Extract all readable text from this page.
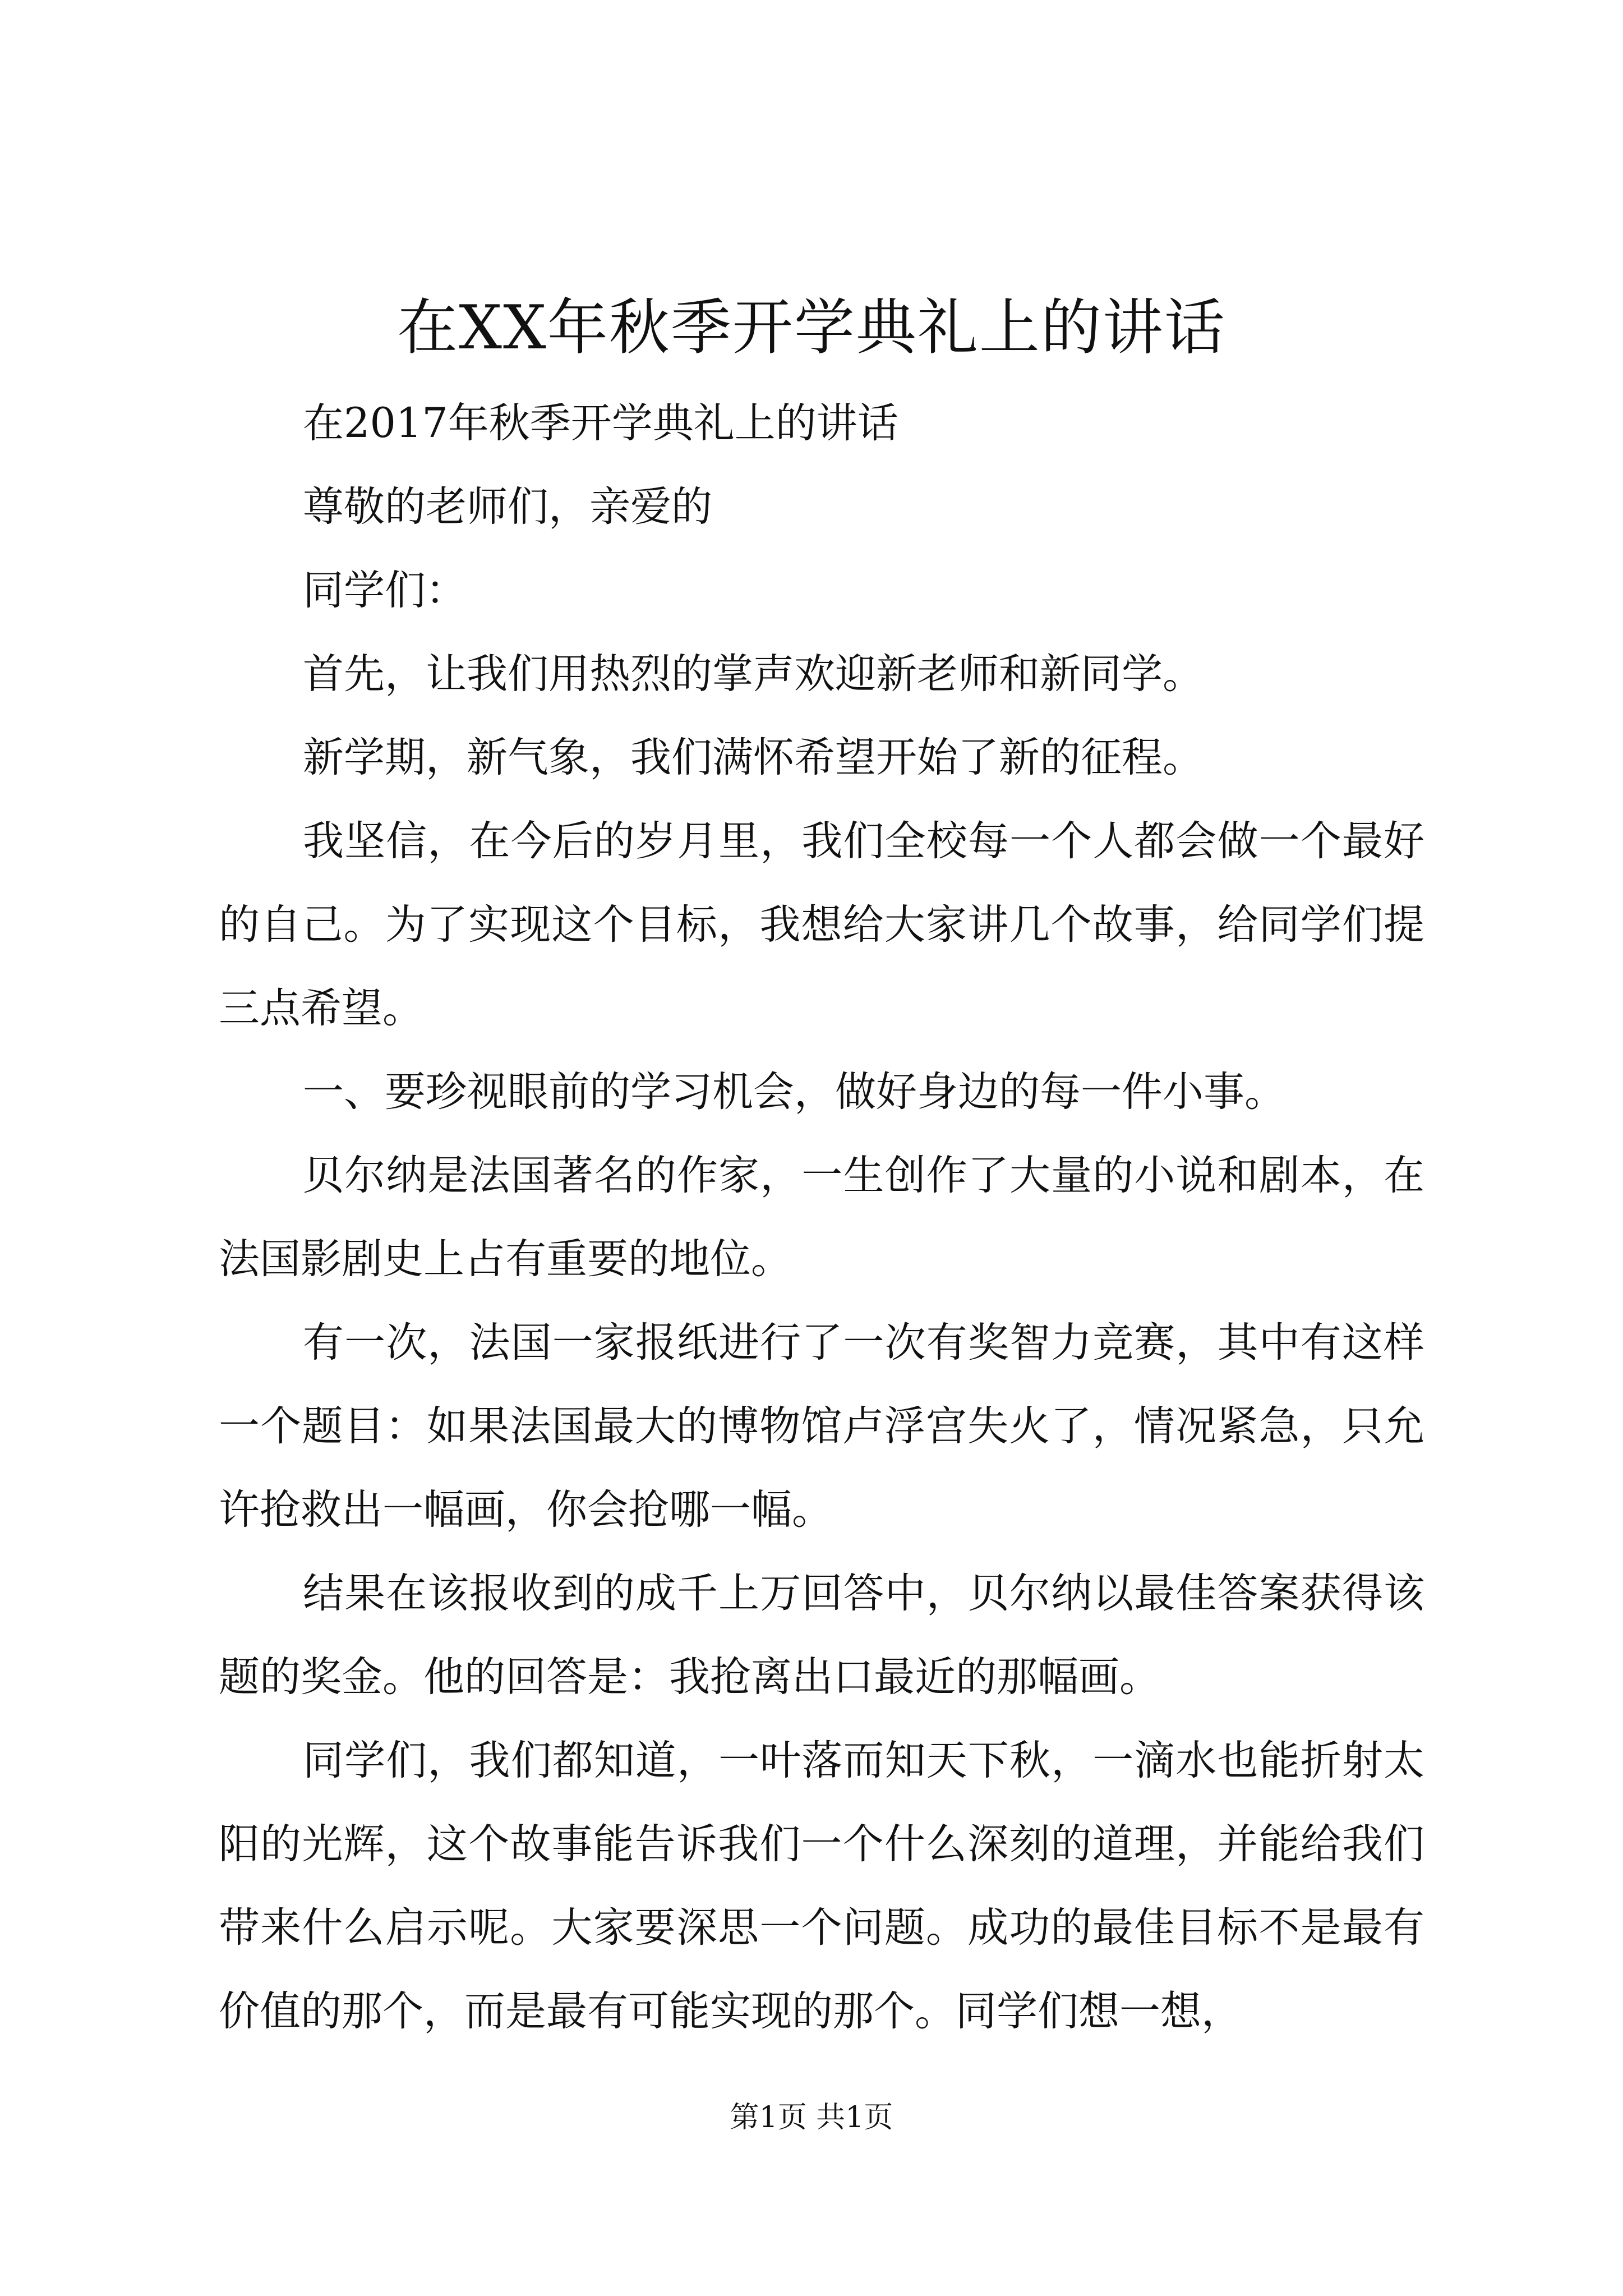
在XX年秋季开学典礼上的讲话

在2017年秋季开学典礼上的讲话

尊敬的老师们，亲爱的

同学们：

首先，让我们用热烈的掌声欢迎新老师和新同学。

新学期，新气象，我们满怀希望开始了新的征程。

我坚信，在今后的岁月里，我们全校每一个人都会做一个最好的自己。为了实现这个目标，我想给大家讲几个故事，给同学们提三点希望。

一、要珍视眼前的学习机会，做好身边的每一件小事。

贝尔纳是法国著名的作家，一生创作了大量的小说和剧本，在法国影剧史上占有重要的地位。

有一次，法国一家报纸进行了一次有奖智力竞赛，其中有这样一个题目：如果法国最大的博物馆卢浮宫失火了，情况紧急，只允许抢救出一幅画，你会抢哪一幅。

结果在该报收到的成千上万回答中，贝尔纳以最佳答案获得该题的奖金。他的回答是：我抢离出口最近的那幅画。

同学们，我们都知道，一叶落而知天下秋，一滴水也能折射太阳的光辉，这个故事能告诉我们一个什么深刻的道理，并能给我们带来什么启示呢。大家要深思一个问题。成功的最佳目标不是最有价值的那个，而是最有可能实现的那个。同学们想一想，

第1页 共1页
